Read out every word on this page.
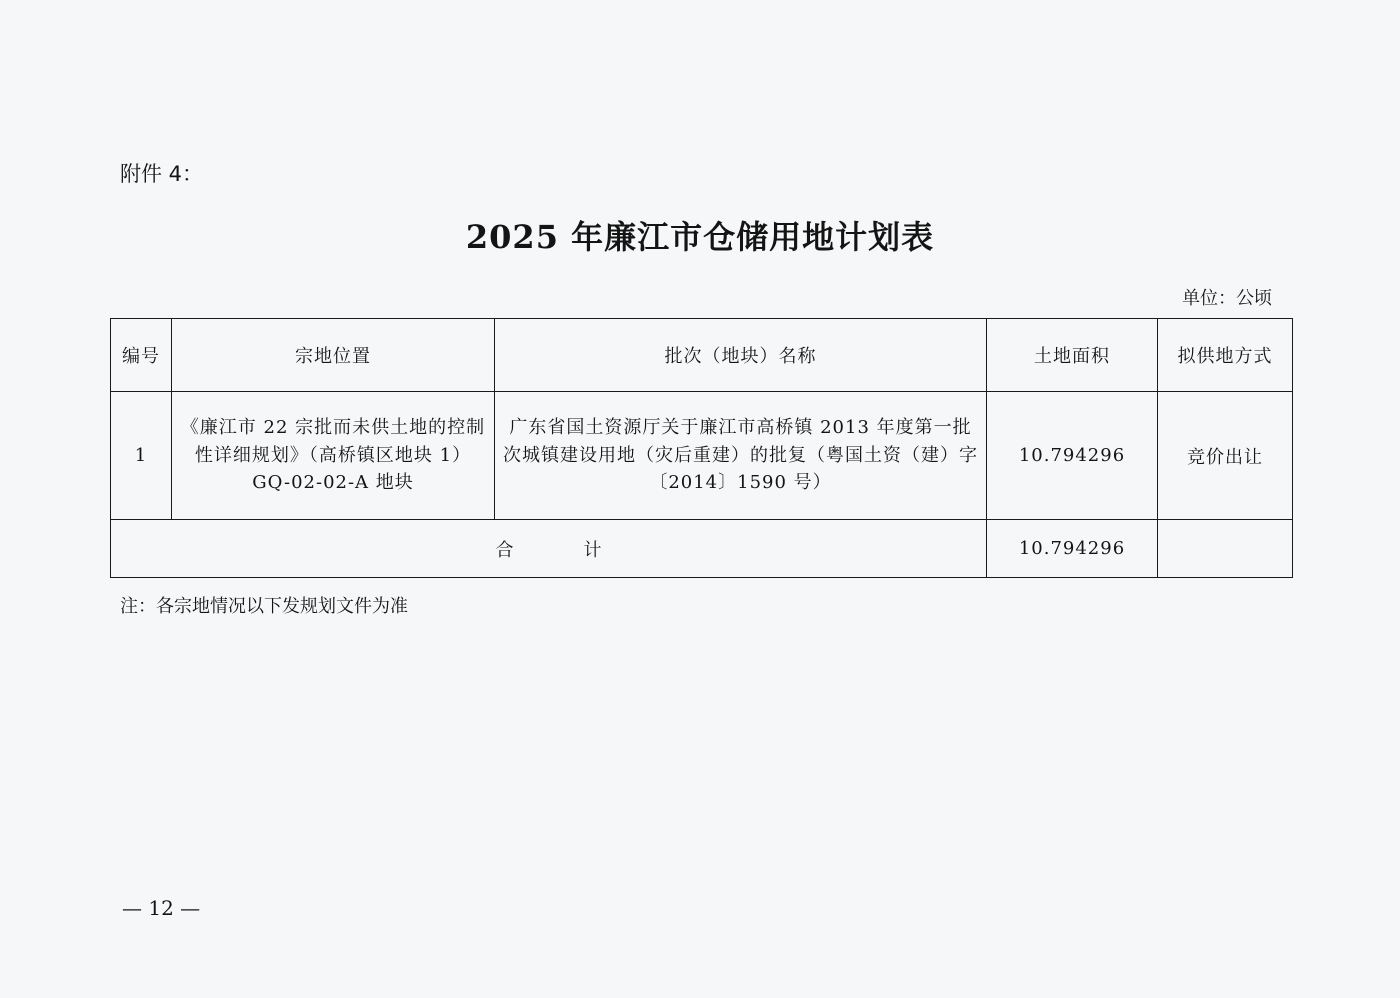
附件 4：
2025 年廉江市仓储用地计划表
单位：公顷
编号	宗地位置	批次（地块）名称	土地面积	拟供地方式
1	《廉江市 22 宗批而未供土地的控制性详细规划》（高桥镇区地块 1）GQ-02-02-A 地块	广东省国土资源厅关于廉江市高桥镇 2013 年度第一批次城镇建设用地（灾后重建）的批复（粤国土资（建）字〔2014〕1590 号）	10.794296	竞价出让
合计			10.794296	
注：各宗地情况以下发规划文件为准
— 12 —
